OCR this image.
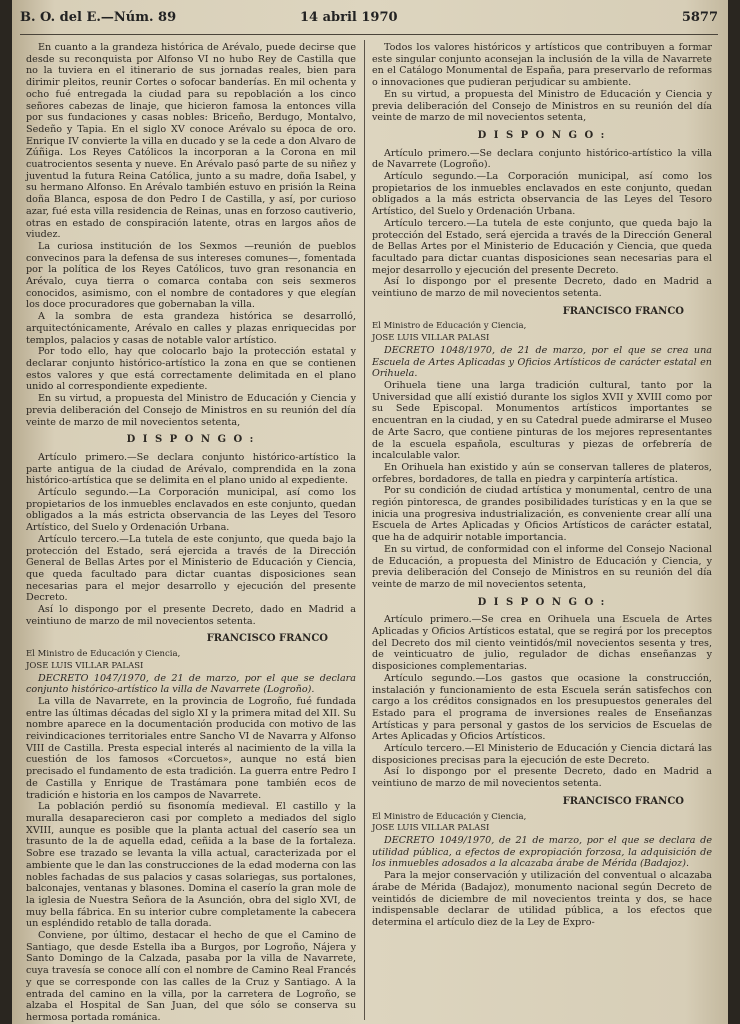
B. O. del E.—Núm. 89	14 abril 1970	5877

En cuanto a la grandeza histórica de Arévalo, puede decirse que desde su reconquista por Alfonso VI no hubo Rey de Castilla que no la tuviera en el itinerario de sus jornadas reales, bien para dirimir pleitos, reunir Cortes o sofocar banderías. En mil ochenta y ocho fué entregada la ciudad para su repoblación a los cinco señores cabezas de linaje, que hicieron famosa la entonces villa por sus fundaciones y casas nobles: Briceño, Berdugo, Montalvo, Sedeño y Tapia. En el siglo XV conoce Arévalo su época de oro. Enrique IV convierte la villa en ducado y se la cede a don Alvaro de Zúñiga. Los Reyes Católicos la incorporan a la Corona en mil cuatrocientos sesenta y nueve. En Arévalo pasó parte de su niñez y juventud la futura Reina Católica, junto a su madre, doña Isabel, y su hermano Alfonso. En Arévalo también estuvo en prisión la Reina doña Blanca, esposa de don Pedro I de Castilla, y así, por curioso azar, fué esta villa residencia de Reinas, unas en forzoso cautiverio, otras en estado de conspiración latente, otras en largos años de viudez.

La curiosa institución de los Sexmos —reunión de pueblos convecinos para la defensa de sus intereses comunes—, fomentada por la política de los Reyes Católicos, tuvo gran resonancia en Arévalo, cuya tierra o comarca contaba con seis sexmeros conocidos, asimismo, con el nombre de contadores y que elegían los doce procuradores que gobernaban la villa.

A la sombra de esta grandeza histórica se desarrolló, arquitectónicamente, Arévalo en calles y plazas enriquecidas por templos, palacios y casas de notable valor artístico.

Por todo ello, hay que colocarlo bajo la protección estatal y declarar conjunto histórico-artístico la zona en que se contienen estos valores y que está correctamente delimitada en el plano unido al correspondiente expediente.

En su virtud, a propuesta del Ministro de Educación y Ciencia y previa deliberación del Consejo de Ministros en su reunión del día veinte de marzo de mil novecientos setenta,

D I S P O N G O :

Artículo primero.—Se declara conjunto histórico-artístico la parte antigua de la ciudad de Arévalo, comprendida en la zona histórico-artística que se delimita en el plano unido al expediente.

Artículo segundo.—La Corporación municipal, así como los propietarios de los inmuebles enclavados en este conjunto, quedan obligados a la más estricta observancia de las Leyes del Tesoro Artístico, del Suelo y Ordenación Urbana.

Artículo tercero.—La tutela de este conjunto, que queda bajo la protección del Estado, será ejercida a través de la Dirección General de Bellas Artes por el Ministerio de Educación y Ciencia, que queda facultado para dictar cuantas disposiciones sean necesarias para el mejor desarrollo y ejecución del presente Decreto.

Así lo dispongo por el presente Decreto, dado en Madrid a veintiuno de marzo de mil novecientos setenta.

FRANCISCO FRANCO

El Ministro de Educación y Ciencia,

JOSE LUIS VILLAR PALASI

DECRETO 1047/1970, de 21 de marzo, por el que se declara conjunto histórico-artístico la villa de Navarrete (Logroño).

La villa de Navarrete, en la provincia de Logroño, fué fundada entre las últimas décadas del siglo XI y la primera mitad del XII. Su nombre aparece en la documentación producida con motivo de las reivindicaciones territoriales entre Sancho VI de Navarra y Alfonso VIII de Castilla. Presta especial interés al nacimiento de la villa la cuestión de los famosos «Corcuetos», aunque no está bien precisado el fundamento de esta tradición. La guerra entre Pedro I de Castilla y Enrique de Trastámara pone también ecos de tradición e historia en los campos de Navarrete.

La población perdió su fisonomía medieval. El castillo y la muralla desaparecieron casi por completo a mediados del siglo XVIII, aunque es posible que la planta actual del caserío sea un trasunto de la de aquella edad, ceñida a la base de la fortaleza. Sobre ese trazado se levanta la villa actual, caracterizada por el ambiente que le dan las construcciones de la edad moderna con las nobles fachadas de sus palacios y casas solariegas, sus portalones, balconajes, ventanas y blasones. Domina el caserío la gran mole de la iglesia de Nuestra Señora de la Asunción, obra del siglo XVI, de muy bella fábrica. En su interior cubre completamente la cabecera un espléndido retablo de talla dorada.

Conviene, por último, destacar el hecho de que el Camino de Santiago, que desde Estella iba a Burgos, por Logroño, Nájera y Santo Domingo de la Calzada, pasaba por la villa de Navarrete, cuya travesía se conoce allí con el nombre de Camino Real Francés y que se corresponde con las calles de la Cruz y Santiago. A la entrada del camino en la villa, por la carretera de Logroño, se alzaba el Hospital de San Juan, del que sólo se conserva su hermosa portada románica.

Todos los valores históricos y artísticos que contribuyen a formar este singular conjunto aconsejan la inclusión de la villa de Navarrete en el Catálogo Monumental de España, para preservarlo de reformas o innovaciones que pudieran perjudicar su ambiente.

En su virtud, a propuesta del Ministro de Educación y Ciencia y previa deliberación del Consejo de Ministros en su reunión del día veinte de marzo de mil novecientos setenta,

D I S P O N G O :

Artículo primero.—Se declara conjunto histórico-artístico la villa de Navarrete (Logroño).

Artículo segundo.—La Corporación municipal, así como los propietarios de los inmuebles enclavados en este conjunto, quedan obligados a la más estricta observancia de las Leyes del Tesoro Artístico, del Suelo y Ordenación Urbana.

Artículo tercero.—La tutela de este conjunto, que queda bajo la protección del Estado, será ejercida a través de la Dirección General de Bellas Artes por el Ministerio de Educación y Ciencia, que queda facultado para dictar cuantas disposiciones sean necesarias para el mejor desarrollo y ejecución del presente Decreto.

Así lo dispongo por el presente Decreto, dado en Madrid a veintiuno de marzo de mil novecientos setenta.

FRANCISCO FRANCO

El Ministro de Educación y Ciencia,

JOSE LUIS VILLAR PALASI

DECRETO 1048/1970, de 21 de marzo, por el que se crea una Escuela de Artes Aplicadas y Oficios Artísticos de carácter estatal en Orihuela.

Orihuela tiene una larga tradición cultural, tanto por la Universidad que allí existió durante los siglos XVII y XVIII como por su Sede Episcopal. Monumentos artísticos importantes se encuentran en la ciudad, y en su Catedral puede admirarse el Museo de Arte Sacro, que contiene pinturas de los mejores representantes de la escuela española, esculturas y piezas de orfebrería de incalculable valor.

En Orihuela han existido y aún se conservan talleres de plateros, orfebres, bordadores, de talla en piedra y carpintería artística.

Por su condición de ciudad artística y monumental, centro de una región pintoresca, de grandes posibilidades turísticas y en la que se inicia una progresiva industrialización, es conveniente crear allí una Escuela de Artes Aplicadas y Oficios Artísticos de carácter estatal, que ha de adquirir notable importancia.

En su virtud, de conformidad con el informe del Consejo Nacional de Educación, a propuesta del Ministro de Educación y Ciencia, y previa deliberación del Consejo de Ministros en su reunión del día veinte de marzo de mil novecientos setenta,

D I S P O N G O :

Artículo primero.—Se crea en Orihuela una Escuela de Artes Aplicadas y Oficios Artísticos estatal, que se regirá por los preceptos del Decreto dos mil ciento veintidós/mil novecientos sesenta y tres, de veinticuatro de julio, regulador de dichas enseñanzas y disposiciones complementarias.

Artículo segundo.—Los gastos que ocasione la construcción, instalación y funcionamiento de esta Escuela serán satisfechos con cargo a los créditos consignados en los presupuestos generales del Estado para el programa de inversiones reales de Enseñanzas Artísticas y para personal y gastos de los servicios de Escuelas de Artes Aplicadas y Oficios Artísticos.

Artículo tercero.—El Ministerio de Educación y Ciencia dictará las disposiciones precisas para la ejecución de este Decreto.

Así lo dispongo por el presente Decreto, dado en Madrid a veintiuno de marzo de mil novecientos setenta.

FRANCISCO FRANCO

El Ministro de Educación y Ciencia,

JOSE LUIS VILLAR PALASI

DECRETO 1049/1970, de 21 de marzo, por el que se declara de utilidad pública, a efectos de expropiación forzosa, la adquisición de los inmuebles adosados a la alcazaba árabe de Mérida (Badajoz).

Para la mejor conservación y utilización del conventual o alcazaba árabe de Mérida (Badajoz), monumento nacional según Decreto de veintidós de diciembre de mil novecientos treinta y dos, se hace indispensable declarar de utilidad pública, a los efectos que determina el artículo diez de la Ley de Expro-
